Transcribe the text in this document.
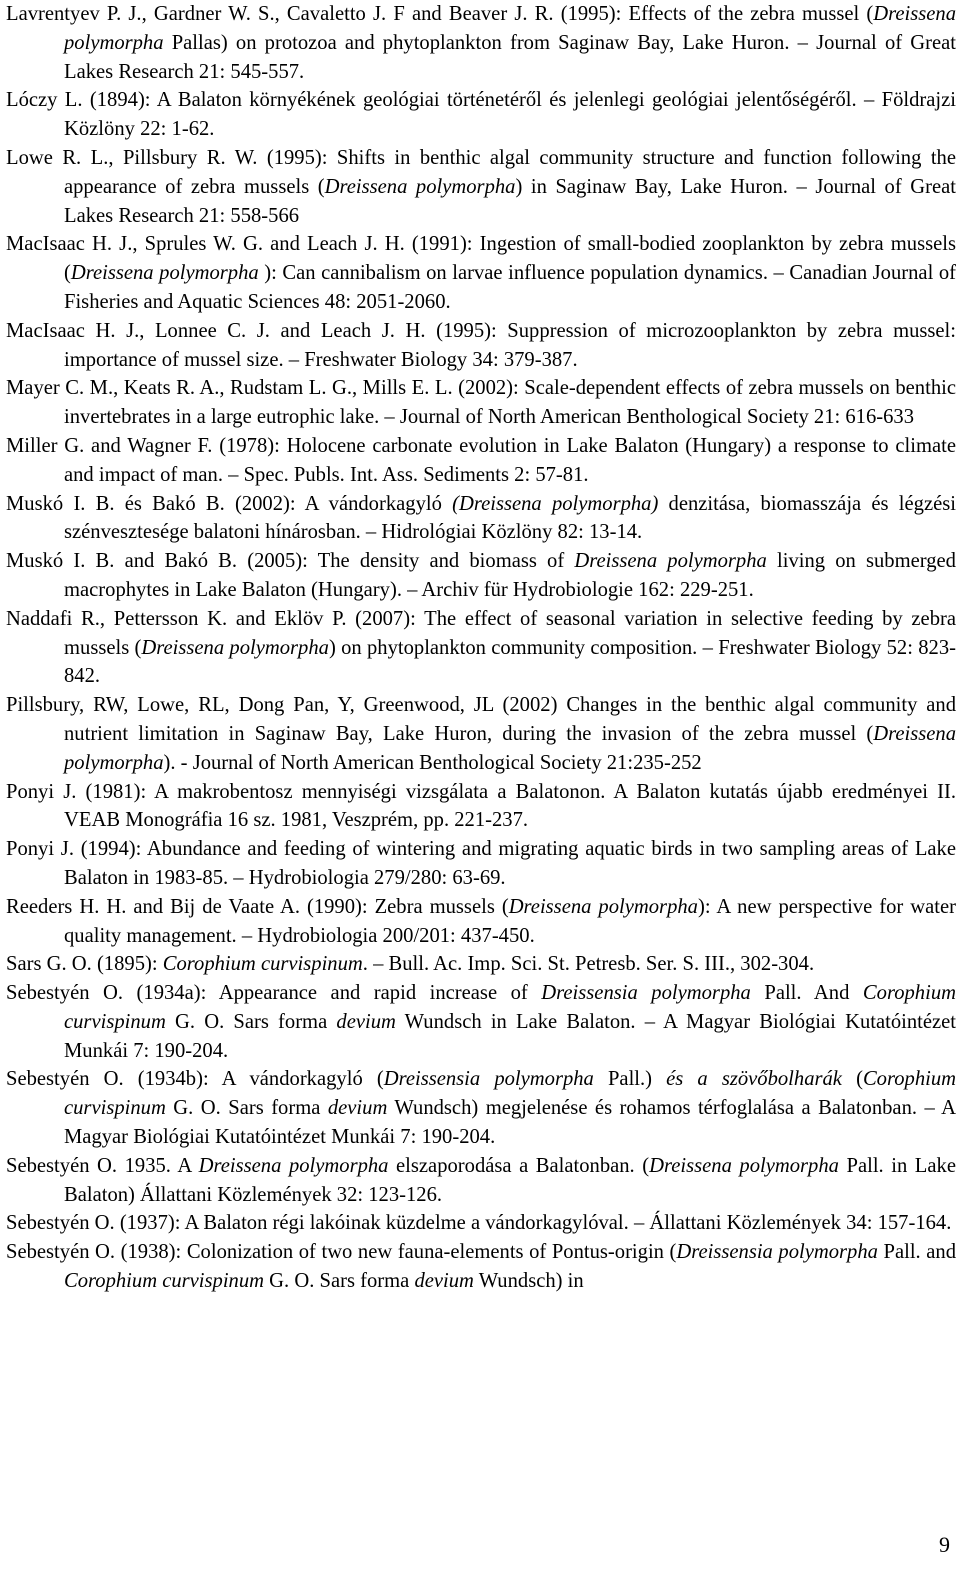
Lavrentyev P. J., Gardner W. S., Cavaletto J. F and Beaver J. R. (1995): Effects of the zebra mussel (Dreissena polymorpha Pallas) on protozoa and phytoplankton from Saginaw Bay, Lake Huron. – Journal of Great Lakes Research 21: 545-557.

Lóczy L. (1894): A Balaton környékének geológiai történetéről és jelenlegi geológiai jelentőségéről. – Földrajzi Közlöny 22: 1-62.

Lowe R. L., Pillsbury R. W. (1995): Shifts in benthic algal community structure and function following the appearance of zebra mussels (Dreissena polymorpha) in Saginaw Bay, Lake Huron. – Journal of Great Lakes Research 21: 558-566

MacIsaac H. J., Sprules W. G. and Leach J. H. (1991): Ingestion of small-bodied zooplankton by zebra mussels (Dreissena polymorpha ): Can cannibalism on larvae influence population dynamics. – Canadian Journal of Fisheries and Aquatic Sciences 48: 2051-2060.

MacIsaac H. J., Lonnee C. J. and Leach J. H. (1995): Suppression of microzooplankton by zebra mussel: importance of mussel size. – Freshwater Biology 34: 379-387.

Mayer C. M., Keats R. A., Rudstam L. G., Mills E. L. (2002): Scale-dependent effects of zebra mussels on benthic invertebrates in a large eutrophic lake. – Journal of North American Benthological Society 21: 616-633

Miller G. and Wagner F. (1978): Holocene carbonate evolution in Lake Balaton (Hungary) a response to climate and impact of man. – Spec. Publs. Int. Ass. Sediments 2: 57-81.

Muskó I. B. és Bakó B. (2002): A vándorkagyló (Dreissena polymorpha) denzitása, biomasszája és légzési szénvesztesége balatoni hínárosban. – Hidrológiai Közlöny 82: 13-14.

Muskó I. B. and Bakó B. (2005): The density and biomass of Dreissena polymorpha living on submerged macrophytes in Lake Balaton (Hungary). – Archiv für Hydrobiologie 162: 229-251.

Naddafi R., Pettersson K. and Eklöv P. (2007): The effect of seasonal variation in selective feeding by zebra mussels (Dreissena polymorpha) on phytoplankton community composition. – Freshwater Biology 52: 823-842.

Pillsbury, RW, Lowe, RL, Dong Pan, Y, Greenwood, JL (2002) Changes in the benthic algal community and nutrient limitation in Saginaw Bay, Lake Huron, during the invasion of the zebra mussel (Dreissena polymorpha). - Journal of North American Benthological Society 21:235-252

Ponyi J. (1981): A makrobentosz mennyiségi vizsgálata a Balatonon. A Balaton kutatás újabb eredményei II. VEAB Monográfia 16 sz. 1981, Veszprém, pp. 221-237.

Ponyi J. (1994): Abundance and feeding of wintering and migrating aquatic birds in two sampling areas of Lake Balaton in 1983-85. – Hydrobiologia 279/280: 63-69.

Reeders H. H. and Bij de Vaate A. (1990): Zebra mussels (Dreissena polymorpha): A new perspective for water quality management. – Hydrobiologia 200/201: 437-450.

Sars G. O. (1895): Corophium curvispinum. – Bull. Ac. Imp. Sci. St. Petresb. Ser. S. III., 302-304.

Sebestyén O. (1934a): Appearance and rapid increase of Dreissensia polymorpha Pall. And Corophium curvispinum G. O. Sars forma devium Wundsch in Lake Balaton. – A Magyar Biológiai Kutatóintézet Munkái 7: 190-204.

Sebestyén O. (1934b): A vándorkagyló (Dreissensia polymorpha Pall.) és a szövőbolharák (Corophium curvispinum G. O. Sars forma devium Wundsch) megjelenése és rohamos térfoglalása a Balatonban. – A Magyar Biológiai Kutatóintézet Munkái 7: 190-204.

Sebestyén O. 1935. A Dreissena polymorpha elszaporodása a Balatonban. (Dreissena polymorpha Pall. in Lake Balaton) Állattani Közlemények 32: 123-126.

Sebestyén O. (1937): A Balaton régi lakóinak küzdelme a vándorkagylóval. – Állattani Közlemények 34: 157-164.

Sebestyén O. (1938): Colonization of two new fauna-elements of Pontus-origin (Dreissensia polymorpha Pall. and Corophium curvispinum G. O. Sars forma devium Wundsch) in

9
